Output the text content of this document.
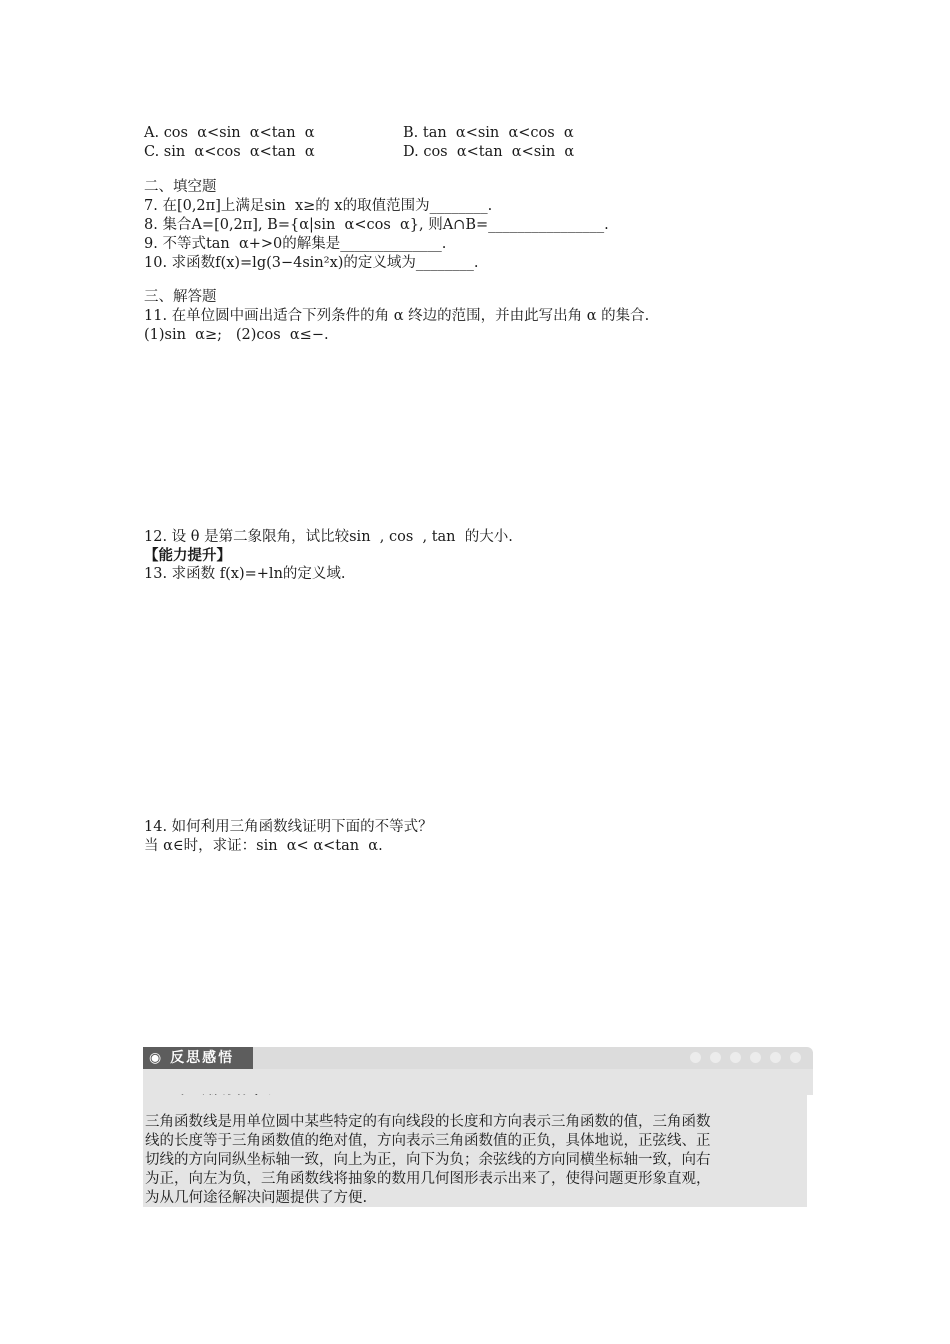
A. cos  α<sin  α<tan  α	B. tan  α<sin  α<cos  α
C. sin  α<cos  α<tan  α	D. cos  α<tan  α<sin  α
二、填空题
7. 在[0,2π]上满足sin  x≥的 x的取值范围为________.
8. 集合A=[0,2π], B={α|sin  α<cos  α}, 则A∩B=________________.
9. 不等式tan  α+>0的解集是______________.
10. 求函数f(x)=lg(3−4sin²x)的定义域为________.
三、解答题
11. 在单位圆中画出适合下列条件的角 α 终边的范围，并由此写出角 α 的集合.
(1)sin  α≥;   (2)cos  α≤−.
12. 设 θ 是第二象限角，试比较sin  , cos  , tan  的大小.
【能力提升】
13. 求函数 f(x)=+ln的定义域.
14. 如何利用三角函数线证明下面的不等式？
当 α∈时，求证：sin  α< α<tan  α.
◉ 反思感悟
三角函数线是用单位圆中某些特定的有向线段的长度和方向表示三角函数的值，三角函数
线的长度等于三角函数值的绝对值，方向表示三角函数值的正负，具体地说，正弦线、正
切线的方向同纵坐标轴一致，向上为正，向下为负；余弦线的方向同横坐标轴一致，向右
为正，向左为负，三角函数线将抽象的数用几何图形表示出来了，使得问题更形象直观，
为从几何途径解决问题提供了方便.
